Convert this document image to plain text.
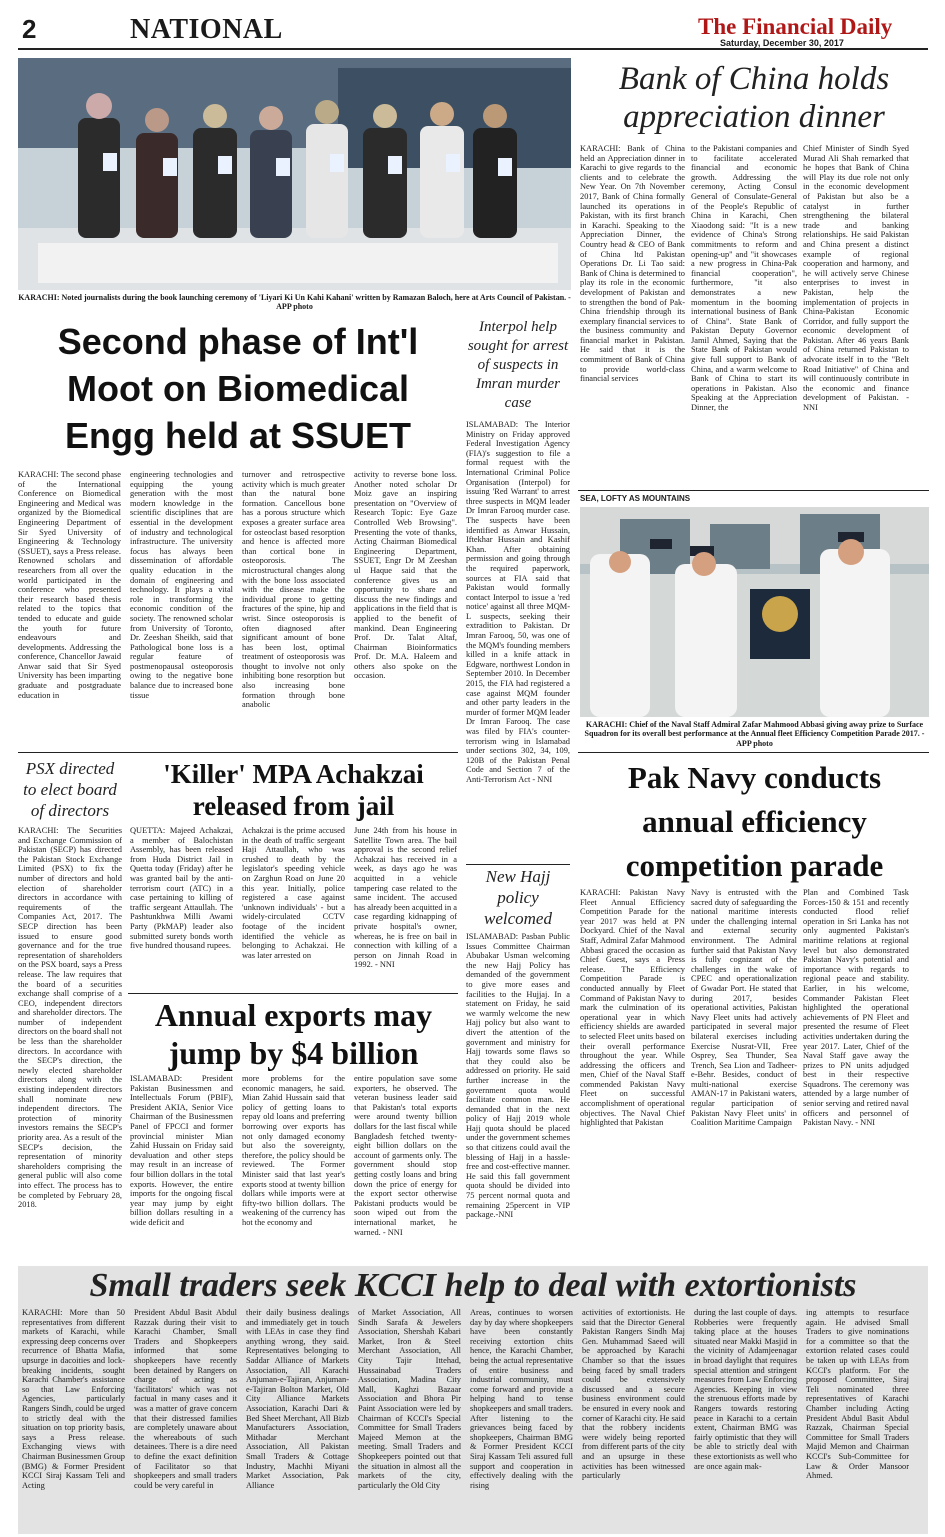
2	NATIONAL	The Financial Daily
Saturday, December 30, 2017
KARACHI: Noted journalists during the book launching ceremony of 'Liyari Ki Un Kahi Kahani' written by Ramazan Baloch, here at Arts Council of Pakistan. - APP photo
Bank of China holds
appreciation dinner
KARACHI: Bank of China held an Appreciation dinner in Karachi to give regards to the clients and to celebrate the New Year. On 7th November 2017, Bank of China formally launched its operations in Pakistan, with its first branch in Karachi. Speaking to the Appreciation Dinner, the Country head & CEO of Bank of China ltd Pakistan Operations Dr. Li Tao said: Bank of China is determined to play its role in the economic development of Pakistan and to strengthen the bond of Pak-China friendship through its exemplary financial services to the business community and financial market in Pakistan. He said that it is the commitment of Bank of China to provide world-class financial services
to the Pakistani companies and to facilitate accelerated financial and economic growth. Addressing the ceremony, Acting Consul General of Consulate-General of the People's Republic of China in Karachi, Chen Xiaodong said: "It is a new evidence of China's Strong commitments to reform and opening-up" and "it showcases a new progress in China-Pak financial cooperation", furthermore, "it also demonstrates a new momentum in the booming international business of Bank of China". State Bank of Pakistan Deputy Governor Jamil Ahmed, Saying that the State Bank of Pakistan would give full support to Bank of China, and a warm welcome to Bank of China to start its operations in Pakistan. Also Speaking at the Appreciation Dinner, the
Chief Minister of Sindh Syed Murad Ali Shah remarked that he hopes that Bank of China will Play its due role not only in the economic development of Pakistan but also be a catalyst in further strengthening the bilateral trade and banking relationships. He said Pakistan and China present a distinct example of regional cooperation and harmony, and he will actively serve Chinese enterprises to invest in Pakistan, help the implementation of projects in China-Pakistan Economic Corridor, and fully support the economic development of Pakistan. After 46 years Bank of China returned Pakistan to advocate itself in to the "Belt Road Initiative" of China and will continuously contribute in the economic and finance development of Pakistan. - NNI
Second phase of Int'l
Moot on Biomedical
Engg held at SSUET
KARACHI: The second phase of the International Conference on Biomedical Engineering and Medical was organized by the Biomedical Engineering Department of Sir Syed University of Engineering & Technology (SSUET), says a Press release. Renowned scholars and researchers from all over the world participated in the conference who presented their research based thesis related to the topics that tended to educate and guide the youth for future endeavours and developments. Addressing the conference, Chancellor Jawaid Anwar said that Sir Syed University has been imparting graduate and postgraduate education in
engineering technologies and equipping the young generation with the most modern knowledge in the scientific disciplines that are essential in the development of industry and technological infrastructure. The university focus has always been dissemination of affordable quality education in the domain of engineering and technology. It plays a vital role in transforming the economic condition of the society. The renowned scholar from University of Toronto, Dr. Zeeshan Sheikh, said that Pathological bone loss is a regular feature of postmenopausal osteoporosis owing to the negative bone balance due to increased bone tissue
turnover and retrospective activity which is much greater than the natural bone formation. Cancellous bone has a porous structure which exposes a greater surface area for osteoclast based resorption and hence is affected more than cortical bone in osteoporosis. The microstructural changes along with the bone loss associated with the disease make the individual prone to getting fractures of the spine, hip and wrist. Since osteoporosis is often diagnosed after significant amount of bone has been lost, optimal treatment of osteoporosis was thought to involve not only inhibiting bone resorption but also increasing bone formation through bone anabolic
activity to reverse bone loss. Another noted scholar Dr Moiz gave an inspiring presentation on "Overview of Research Topic: Eye Gaze Controlled Web Browsing". Presenting the vote of thanks, Acting Chairman Biomedical Engineering Department, SSUET, Engr Dr M Zeeshan ul Haque said that the conference gives us an opportunity to share and discuss the new findings and applications in the field that is applied to the benefit of mankind. Dean Engineering Prof. Dr. Talat Altaf, Chairman Bioinformatics Prof. Dr. M.A. Haleem and others also spoke on the occasion.
Interpol help sought for arrest of suspects in Imran murder case
ISLAMABAD: The Interior Ministry on Friday approved Federal Investigation Agency (FIA)'s suggestion to file a formal request with the International Criminal Police Organisation (Interpol) for issuing 'Red Warrant' to arrest three suspects in MQM leader Dr Imran Farooq murder case. The suspects have been identified as Anwar Hussain, Iftekhar Hussain and Kashif Khan. After obtaining permission and going through the required paperwork, sources at FIA said that Pakistan would formally contact Interpol to issue a 'red notice' against all three MQM-L suspects, seeking their extradition to Pakistan. Dr Imran Farooq, 50, was one of the MQM's founding members killed in a knife attack in Edgware, northwest London in September 2010. In December 2015, the FIA had registered a case against MQM founder and other party leaders in the murder of former MQM leader Dr Imran Farooq. The case was filed by FIA's counter-terrorism wing in Islamabad under sections 302, 34, 109, 120B of the Pakistan Penal Code and Section 7 of the Anti-Terrorism Act - NNI
SEA, LOFTY AS MOUNTAINS
KARACHI: Chief of the Naval Staff Admiral Zafar Mahmood Abbasi giving away prize to Surface Squadron for its overall best performance at the Annual fleet Efficiency Competition Parade 2017. - APP photo
PSX directed to elect board of directors
KARACHI: The Securities and Exchange Commission of Pakistan (SECP) has directed the Pakistan Stock Exchange Limited (PSX) to fix the number of directors and hold election of shareholder directors in accordance with requirements of the Companies Act, 2017. The SECP direction has been issued to ensure good governance and for the true representation of shareholders on the PSX board, says a Press release. The law requires that the board of a securities exchange shall comprise of a CEO, independent directors and shareholder directors. The number of independent directors on the board shall not be less than the shareholder directors. In accordance with the SECP's direction, the newly elected shareholder directors along with the existing independent directors shall nominate new independent directors. The protection of minority investors remains the SECP's priority area. As a result of the SECP's decision, the representation of minority shareholders comprising the general public will also come into effect. The process has to be completed by February 28, 2018.
'Killer' MPA Achakzai
released from jail
QUETTA: Majeed Achakzai, a member of Balochistan Assembly, has been released from Huda District Jail in Quetta today (Friday) after he was granted bail by the anti-terrorism court (ATC) in a case pertaining to killing of traffic sergeant Attaullah. The Pashtunkhwa Milli Awami Party (PkMAP) leader also submitted surety bonds worth five hundred thousand rupees.
Achakzai is the prime accused in the death of traffic sergeant Haji Attaullah, who was crushed to death by the legislator's speeding vehicle on Zarghun Road on June 20 this year. Initially, police registered a case against 'unknown individuals' - but a widely-circulated CCTV footage of the incident identified the vehicle as belonging to Achakzai. He was later arrested on
June 24th from his house in Satellite Town area. The bail approval is the second relief Achakzai has received in a week, as days ago he was acquitted in a vehicle tampering case related to the same incident. The accused has already been acquitted in a case regarding kidnapping of private hospital's owner, whereas, he is free on bail in connection with killing of a person on Jinnah Road in 1992. - NNI
New Hajj policy welcomed
ISLAMABAD: Pasban Public Issues Committee Chairman Abubakar Usman welcoming the new Hajj Policy has demanded of the government to give more eases and facilities to the Hujjaj. In a statement on Friday, he said we warmly welcome the new Hajj policy but also want to divert the attention of the government and ministry for Hajj towards some flaws so that they could also be addressed on priority. He said further increase in the government quota would facilitate common man. He demanded that in the next policy of Hajj 2019 whole Hajj quota should be placed under the government schemes so that citizens could avail the blessing of Hajj in a hassle-free and cost-effective manner. He said this fall government quota should be divided into 75 percent normal quota and remaining 25percent in VIP package.-NNI
Pak Navy conducts
annual efficiency
competition parade
KARACHI: Pakistan Navy Fleet Annual Efficiency Competition Parade for the year 2017 was held at PN Dockyard. Chief of the Naval Staff, Admiral Zafar Mahmood Abbasi graced the occasion as Chief Guest, says a Press release. The Efficiency Competition Parade is conducted annually by Fleet Command of Pakistan Navy to mark the culmination of its operational year in which efficiency shields are awarded to selected Fleet units based on their overall performance throughout the year. While addressing the officers and men, Chief of the Naval Staff commended Pakistan Navy Fleet on successful accomplishment of operational objectives. The Naval Chief highlighted that Pakistan
Navy is entrusted with the sacred duty of safeguarding the national maritime interests under the challenging internal and external security environment. The Admiral further said that Pakistan Navy is fully cognizant of the challenges in the wake of CPEC and operationalization of Gwadar Port. He stated that during 2017, besides operational activities, Pakistan Navy Fleet units had actively participated in several major bilateral exercises including Exercise Nusrat-VII, Free Osprey, Sea Thunder, Sea Trench, Sea Lion and Tadheer-e-Behr. Besides, conduct of multi-national exercise AMAN-17 in Pakistani waters, regular participation of Pakistan Navy Fleet units' in Coalition Maritime Campaign
Plan and Combined Task Forces-150 & 151 and recently conducted flood relief operation in Sri Lanka has not only augmented Pakistan's maritime relations at regional level but also demonstrated Pakistan Navy's potential and importance with regards to regional peace and stability. Earlier, in his welcome, Commander Pakistan Fleet highlighted the operational achievements of PN Fleet and presented the resume of Fleet activities undertaken during the year 2017. Later, Chief of the Naval Staff gave away the prizes to PN units adjudged best in their respective Squadrons. The ceremony was attended by a large number of senior serving and retired naval officers and personnel of Pakistan Navy. - NNI
Annual exports may
jump by $4 billion
ISLAMABAD: President Pakistan Businessmen and Intellectuals Forum (PBIF), President AKIA, Senior Vice Chairman of the Businessmen Panel of FPCCI and former provincial minister Mian Zahid Hussain on Friday said devaluation and other steps may result in an increase of four billion dollars in the total exports. However, the entire imports for the ongoing fiscal year may jump by eight billion dollars resulting in a wide deficit and
more problems for the economic managers, he said. Mian Zahid Hussain said that policy of getting loans to repay old loans and preferring borrowing over exports has not only damaged economy but also the sovereignty, therefore, the policy should be reviewed. The Former Minister said that last year's exports stood at twenty billion dollars while imports were at fifty-two billion dollars. The weakening of the currency has hot the economy and
entire population save some exporters, he observed. The veteran business leader said that Pakistan's total exports were around twenty billion dollars for the last fiscal while Bangladesh fetched twenty-eight billion dollars on the account of garments only. The government should stop getting costly loans and bring down the price of energy for the export sector otherwise Pakistani products would be soon wiped out from the international market, he warned. - NNI
Small traders seek KCCI help to deal with extortionists
KARACHI: More than 50 representatives from different markets of Karachi, while expressing deep concerns over recurrence of Bhatta Mafia, upsurge in dacoities and lock-breaking incidents, sought Karachi Chamber's assistance so that Law Enforcing Agencies, particularly Rangers Sindh, could be urged to strictly deal with the situation on top priority basis, says a Press release. Exchanging views with Chairman Businessmen Group (BMG) & Former President KCCI Siraj Kassam Teli and Acting
President Abdul Basit Abdul Razzak during their visit to Karachi Chamber, Small Traders and Shopkeepers informed that some shopkeepers have recently been detained by Rangers on charge of acting as 'facilitators' which was not factual in many cases and it was a matter of grave concern that their distressed families are completely unaware about the whereabouts of such detainees. There is a dire need to define the exact definition of Facilitator so that shopkeepers and small traders could be very careful in
their daily business dealings and immediately get in touch with LEAs in case they find anything wrong, they said. Representatives belonging to Saddar Alliance of Markets Association, All Karachi Anjuman-e-Tajiran, Anjuman-e-Tajiran Bolton Market, Old City Alliance Markets Association, Karachi Dari & Bed Sheet Merchant, All Bizb Manufacturers Association, Mithadar Merchant Association, All Pakistan Small Traders & Cottage Industry, Machhi Miyani Market Association, Pak Alliance
of Market Association, All Sindh Sarafa & Jewelers Association, Shershah Kabari Market, Iron & Steel Merchant Association, All City Tajir Ittehad, Hussainabad Traders Association, Madina City Mall, Kaghzi Bazaar Association and Bhora Pir Paint Association were led by Chairman of KCCI's Special Committee for Small Traders Majeed Memon at the meeting. Small Traders and Shopkeepers pointed out that the situation in almost all the markets of the city, particularly the Old City
Areas, continues to worsen day by day where shopkeepers have been constantly receiving extortion chits hence, the Karachi Chamber, being the actual representative of entire business and industrial community, must come forward and provide a helping hand to tense shopkeepers and small traders. After listening to the grievances being faced by shopkeepers, Chairman BMG & Former President KCCI Siraj Kassam Teli assured full support and cooperation in effectively dealing with the rising
activities of extortionists. He said that the Director General Pakistan Rangers Sindh Maj Gen. Muhammad Saeed will be approached by Karachi Chamber so that the issues being faced by small traders could be extensively discussed and a secure business environment could be ensured in every nook and corner of Karachi city. He said that the robbery incidents were widely being reported from different parts of the city and an upsurge in these activities has been witnessed particularly
during the last couple of days. Robberies were frequently taking place at the houses situated near Makki Masjid in the vicinity of Adamjeenagar in broad daylight that requires special attention and stringent measures from Law Enforcing Agencies. Keeping in view the strenuous efforts made by Rangers towards restoring peace in Karachi to a certain extent, Chairman BMG was fairly optimistic that they will be able to strictly deal with these extortionists as well who are once again mak-
ing attempts to resurface again. He advised Small Traders to give nominations for a committee so that the extortion related cases could be taken up with LEAs from KCCI's platform. For the proposed Committee, Siraj Teli nominated three representatives of Karachi Chamber including Acting President Abdul Basit Abdul Razzak, Chairman Special Committee for Small Traders Majid Memon and Chairman KCCI's Sub-Committee for Law & Order Mansoor Ahmed.
